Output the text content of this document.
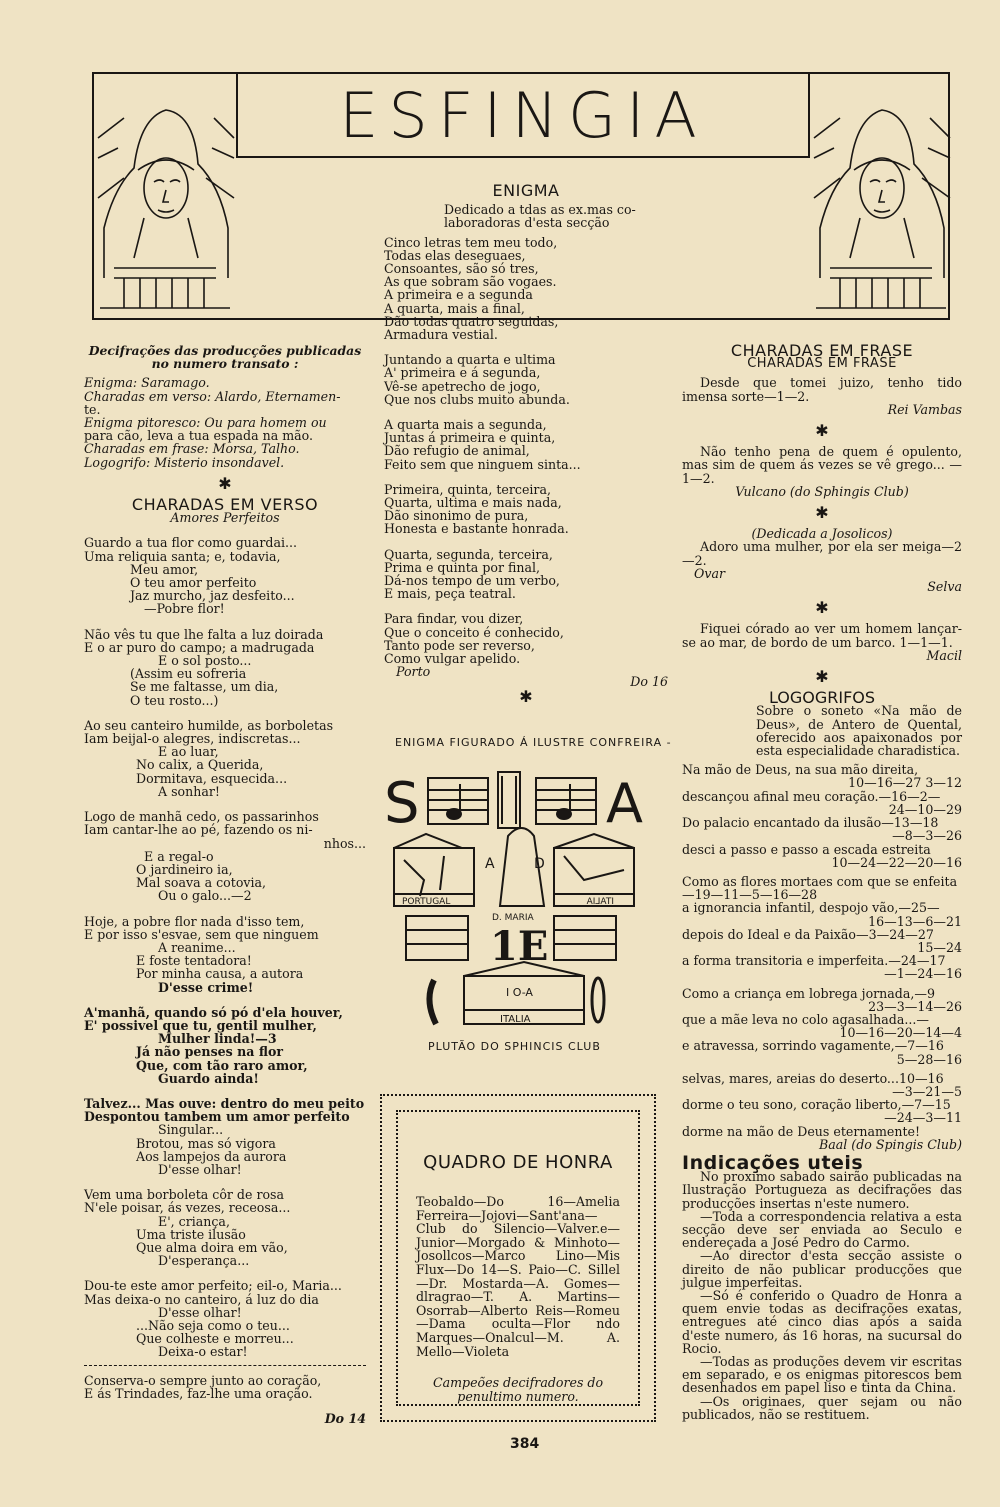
ESFINGIA

Decifrações das producções publicadas

no numero transato :

Enigma: Saramago.

Charadas em verso: Alardo, Eternamen-

te.

Enigma pitoresco: Ou para homem ou

para cão, leva a tua espada na mão.

Charadas em frase: Morsa, Talho.

Logogrifo: Misterio insondavel.

✱

CHARADAS EM VERSO

Amores Perfeitos

Guardo a tua flor como guardai...

Uma reliquia santa; e, todavia,

Meu amor,

O teu amor perfeito

Jaz murcho, jaz desfeito...

—Pobre flor!

Não vês tu que lhe falta a luz doirada

E o ar puro do campo; a madrugada

E o sol posto...

(Assim eu sofreria

Se me faltasse, um dia,

O teu rosto...)

Ao seu canteiro humilde, as borboletas

Iam beijal-o alegres, indiscretas...

E ao luar,

No calix, a Querida,

Dormitava, esquecida...

A sonhar!

Logo de manhã cedo, os passarinhos

Iam cantar-lhe ao pé, fazendo os ni-

nhos...

E a regal-o

O jardineiro ia,

Mal soava a cotovia,

Ou o galo...—2

Hoje, a pobre flor nada d'isso tem,

E por isso s'esvae, sem que ninguem

A reanime...

E foste tentadora!

Por minha causa, a autora

D'esse crime!

A'manhã, quando só pó d'ela houver,

E' possivel que tu, gentil mulher,

Mulher linda!—3

Já não penses na flor

Que, com tão raro amor,

Guardo ainda!

Talvez... Mas ouve: dentro do meu peito

Despontou tambem um amor perfeito

Singular...

Brotou, mas só vigora

Aos lampejos da aurora

D'esse olhar!

Vem uma borboleta côr de rosa

N'ele poisar, ás vezes, receosa...

E', criança,

Uma triste ilusão

Que alma doira em vão,

D'esperança...

Dou-te este amor perfeito; eil-o, Maria...

Mas deixa-o no canteiro, á luz do dia

D'esse olhar!

...Não seja como o teu...

Que colheste e morreu...

Deixa-o estar!

Conserva-o sempre junto ao coração,

E ás Trindades, faz-lhe uma oração.

Do 14

ENIGMA

Dedicado a tdas as ex.mas co-

laboradoras d'esta secção

Cinco letras tem meu todo,

Todas elas deseguaes,

Consoantes, são só tres,

As que sobram são vogaes.

A primeira e a segunda

A quarta, mais a final,

Dão todas quatro seguidas,

Armadura vestial.

Juntando a quarta e ultima

A' primeira e á segunda,

Vê-se apetrecho de jogo,

Que nos clubs muito abunda.

A quarta mais a segunda,

Juntas á primeira e quinta,

Dão refugio de animal,

Feito sem que ninguem sinta...

Primeira, quinta, terceira,

Quarta, ultima e mais nada,

Dão sinonimo de pura,

Honesta e bastante honrada.

Quarta, segunda, terceira,

Prima e quinta por final,

Dá-nos tempo de um verbo,

E mais, peça teatral.

Para findar, vou dizer,

Que o conceito é conhecido,

Tanto pode ser reverso,

Como vulgar apelido.

Porto

Do 16

✱
ENIGMA FIGURADO Á ILUSTRE CONFREIRA -
S	A
PORTUGAL
A	D
D. MARIA
ITALIA
1E
I O-A
ITALIA
PLUTÃO DO SPHINCIS CLUB

QUADRO DE HONRA

Teobaldo—Do 16—Amelia Ferreira—Jojovi—Sant'ana—Club do Silencio—Valver.e—Junior—Morgado & Minhoto—Josollcos—Marco Lino—Mis Flux—Do 14—S. Paio—C. Sillel—Dr. Mostarda—A. Gomes—dlragrao—T. A. Martins—Osorrab—Alberto Reis—Romeu—Dama oculta—Flor ndo Marques—Onalcul—M. A. Mello—Violeta

Campeões decifradores do penultimo numero.

CHARADAS EM FRASE

CHARADAS EM FRASE

Desde que tomei juizo, tenho tido imensa sorte—1—2.

Rei Vambas

✱

Não tenho pena de quem é opulento, mas sim de quem ás vezes se vê grego... —1—2.

Vulcano (do Sphingis Club)

✱

(Dedicada a Josolicos)

Adoro uma mulher, por ela ser meiga—2—2.

Ovar

Selva

✱

Fiquei córado ao ver um homem lançar-se ao mar, de bordo de um barco. 1—1—1.

Macil

✱

LOGOGRIFOS

Sobre o soneto «Na mão de Deus», de Antero de Quental, oferecido aos apaixonados por esta especialidade charadistica.

Na mão de Deus, na sua mão direita,

10—16—27 3—12

descançou afinal meu coração.—16—2—

24—10—29

Do palacio encantado da ilusão—13—18

—8—3—26

desci a passo e passo a escada estreita

10—24—22—20—16

Como as flores mortaes com que se enfeita—19—11—5—16—28

a ignorancia infantil, despojo vão,—25—

16—13—6—21

depois do Ideal e da Paixão—3—24—27

15—24

a forma transitoria e imperfeita.—24—17

—1—24—16

Como a criança em lobrega jornada,—9

23—3—14—26

que a mãe leva no colo agasalhada...—

10—16—20—14—4

e atravessa, sorrindo vagamente,—7—16

5—28—16

selvas, mares, areias do deserto...10—16

—3—21—5

dorme o teu sono, coração liberto,—7—15

—24—3—11

dorme na mão de Deus eternamente!

Baal (do Spingis Club)

Indicações uteis

No proximo sabado sairão publicadas na Ilustração Portugueza as decifrações das producções insertas n'este numero.

—Toda a correspondencia relativa a esta secção deve ser enviada ao Seculo e endereçada a José Pedro do Carmo.

—Ao director d'esta secção assiste o direito de não publicar producções que julgue imperfeitas.

—Só é conferido o Quadro de Honra a quem envie todas as decifrações exatas, entregues até cinco dias após a saida d'este numero, ás 16 horas, na sucursal do Rocio.

—Todas as produções devem vir escritas em separado, e os enigmas pitorescos bem desenhados em papel liso e tinta da China.

—Os originaes, quer sejam ou não publicados, não se restituem.

384
